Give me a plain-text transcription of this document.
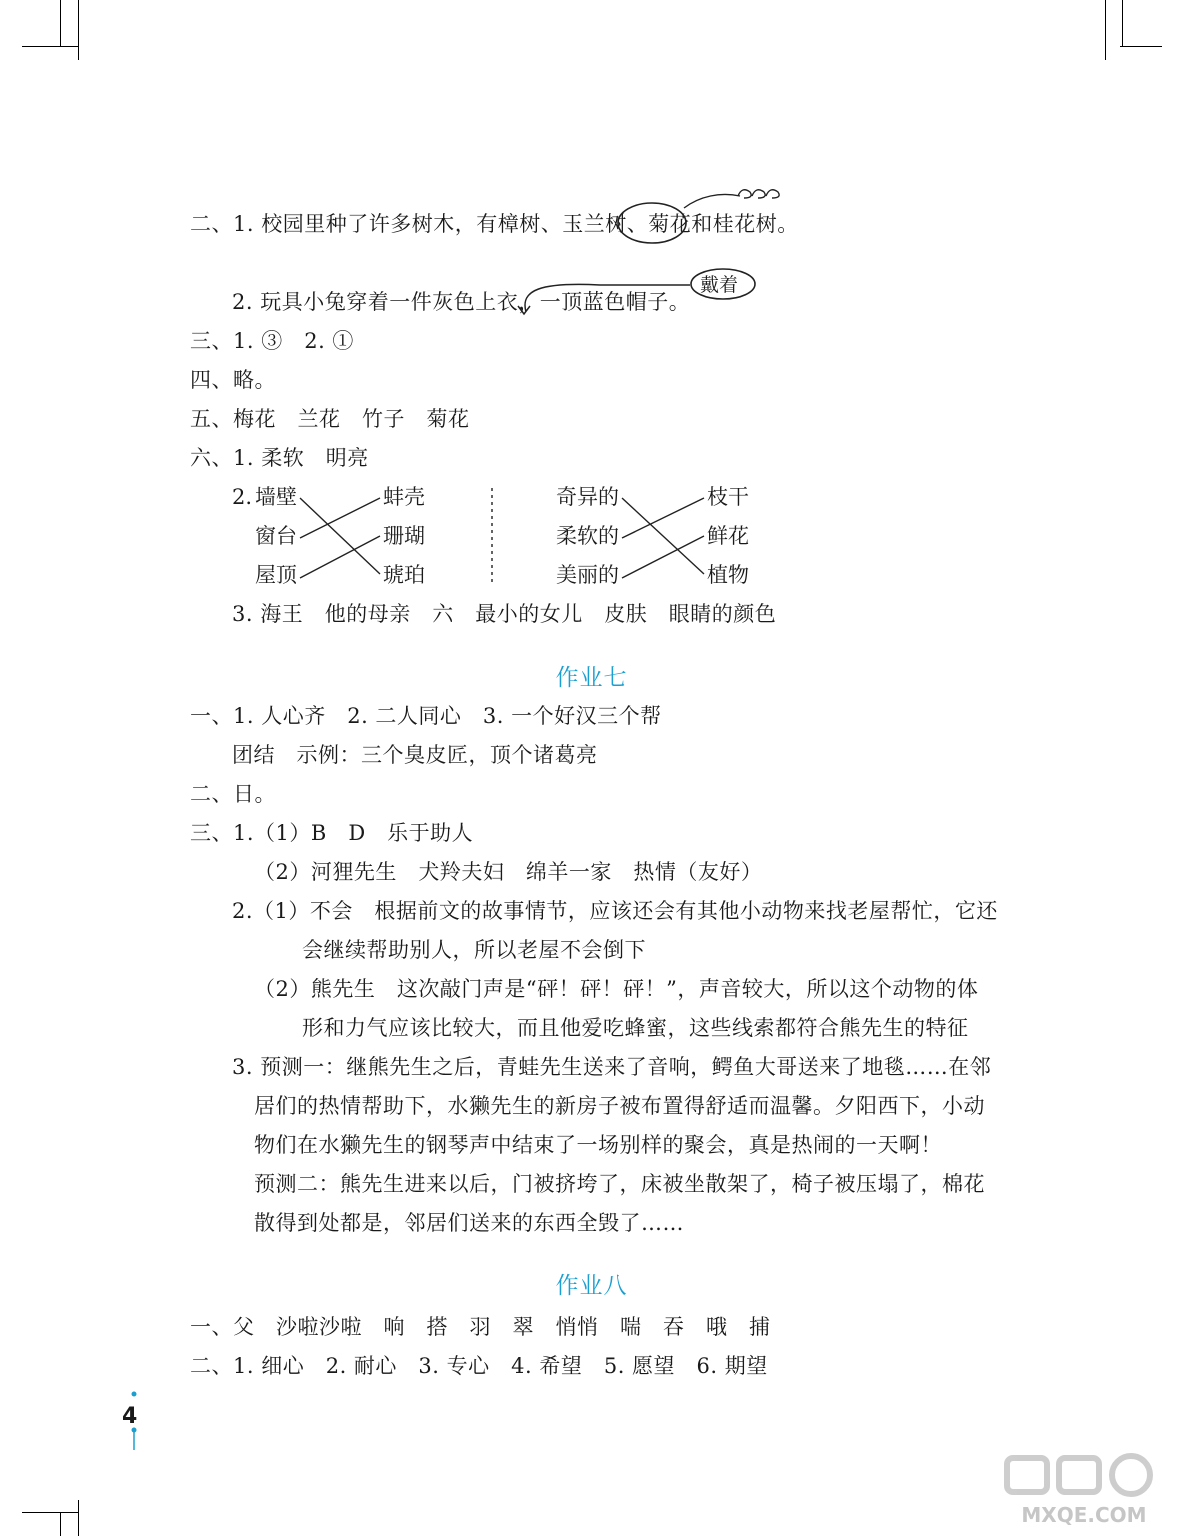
二、1. 校园里种了许多树木，有樟树、玉兰树、菊花和桂花树。
2. 玩具小兔穿着一件灰色上衣，一顶蓝色帽子。
戴着
三、1. ③　2. ①
四、略。
五、梅花　兰花　竹子　菊花
六、1. 柔软　明亮
2. 墙壁
窗台
屋顶
蚌壳
珊瑚
琥珀
奇异的
柔软的
美丽的
枝干
鲜花
植物
3. 海王　他的母亲　六　最小的女儿　皮肤　眼睛的颜色
作业七
一、1. 人心齐　2. 二人同心　3. 一个好汉三个帮
团结　示例：三个臭皮匠，顶个诸葛亮
二、日。
三、1.（1）B　D　乐于助人
（2）河狸先生　犬羚夫妇　绵羊一家　热情（友好）
2.（1）不会　根据前文的故事情节，应该还会有其他小动物来找老屋帮忙，它还
会继续帮助别人，所以老屋不会倒下
（2）熊先生　这次敲门声是“砰！砰！砰！”，声音较大，所以这个动物的体
形和力气应该比较大，而且他爱吃蜂蜜，这些线索都符合熊先生的特征
3. 预测一：继熊先生之后，青蛙先生送来了音响，鳄鱼大哥送来了地毯……在邻
居们的热情帮助下，水獭先生的新房子被布置得舒适而温馨。夕阳西下，小动
物们在水獭先生的钢琴声中结束了一场别样的聚会，真是热闹的一天啊！
预测二：熊先生进来以后，门被挤垮了，床被坐散架了，椅子被压塌了，棉花
散得到处都是，邻居们送来的东西全毁了……
作业八
一、父　沙啦沙啦　响　搭　羽　翠　悄悄　喘　吞　哦　捕
二、1. 细心　2. 耐心　3. 专心　4. 希望　5. 愿望　6. 期望
4
MXQE.COM
